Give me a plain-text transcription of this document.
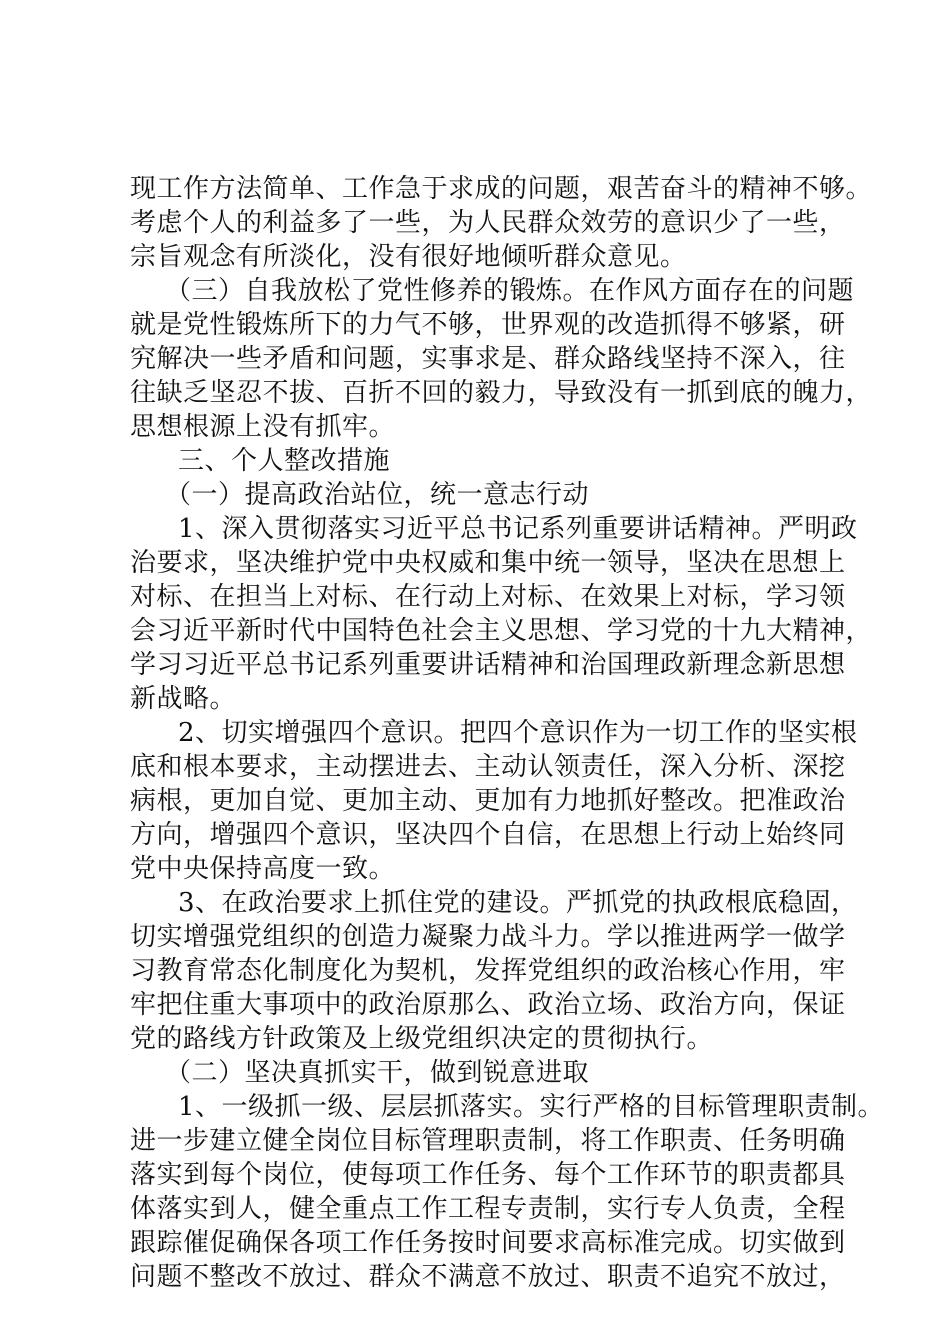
现工作方法简单、工作急于求成的问题，艰苦奋斗的精神不够。
考虑个人的利益多了一些，为人民群众效劳的意识少了一些，
宗旨观念有所淡化，没有很好地倾听群众意见。
（三）自我放松了党性修养的锻炼。在作风方面存在的问题
就是党性锻炼所下的力气不够，世界观的改造抓得不够紧，研
究解决一些矛盾和问题，实事求是、群众路线坚持不深入，往
往缺乏坚忍不拔、百折不回的毅力，导致没有一抓到底的魄力，
思想根源上没有抓牢。
三、个人整改措施
（一）提高政治站位，统一意志行动
1、深入贯彻落实习近平总书记系列重要讲话精神。严明政
治要求，坚决维护党中央权威和集中统一领导，坚决在思想上
对标、在担当上对标、在行动上对标、在效果上对标，学习领
会习近平新时代中国特色社会主义思想、学习党的十九大精神，
学习习近平总书记系列重要讲话精神和治国理政新理念新思想
新战略。
2、切实增强四个意识。把四个意识作为一切工作的坚实根
底和根本要求，主动摆进去、主动认领责任，深入分析、深挖
病根，更加自觉、更加主动、更加有力地抓好整改。把准政治
方向，增强四个意识，坚决四个自信，在思想上行动上始终同
党中央保持高度一致。
3、在政治要求上抓住党的建设。严抓党的执政根底稳固，
切实增强党组织的创造力凝聚力战斗力。学以推进两学一做学
习教育常态化制度化为契机，发挥党组织的政治核心作用，牢
牢把住重大事项中的政治原那么、政治立场、政治方向，保证
党的路线方针政策及上级党组织决定的贯彻执行。
（二）坚决真抓实干，做到锐意进取
1、一级抓一级、层层抓落实。实行严格的目标管理职责制。
进一步建立健全岗位目标管理职责制，将工作职责、任务明确
落实到每个岗位，使每项工作任务、每个工作环节的职责都具
体落实到人，健全重点工作工程专责制，实行专人负责，全程
跟踪催促确保各项工作任务按时间要求高标准完成。切实做到
问题不整改不放过、群众不满意不放过、职责不追究不放过，
